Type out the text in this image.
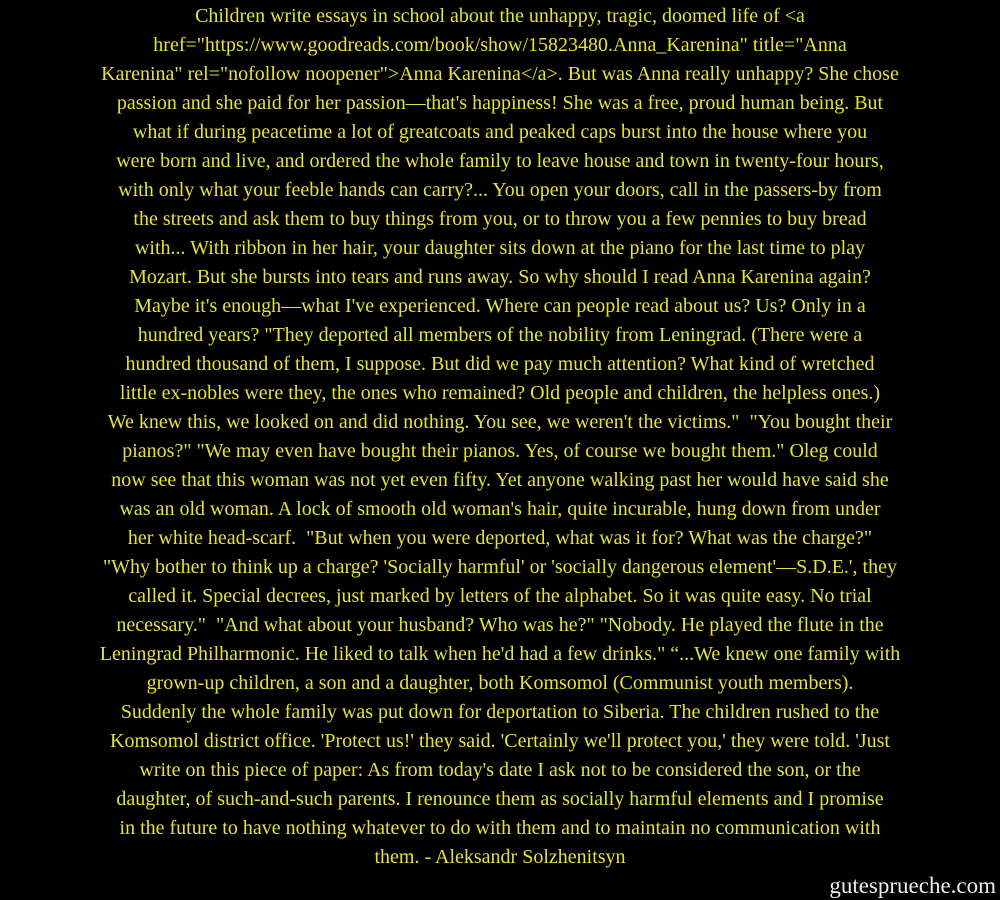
Children write essays in school about the unhappy, tragic, doomed life of <a
href="https://www.goodreads.com/book/show/15823480.Anna_Karenina" title="Anna
Karenina" rel="nofollow noopener">Anna Karenina</a>. But was Anna really unhappy? She chose
passion and she paid for her passion—that's happiness! She was a free, proud human being. But
what if during peacetime a lot of greatcoats and peaked caps burst into the house where you
were born and live, and ordered the whole family to leave house and town in twenty-four hours,
with only what your feeble hands can carry?... You open your doors, call in the passers-by from
the streets and ask them to buy things from you, or to throw you a few pennies to buy bread
with... With ribbon in her hair, your daughter sits down at the piano for the last time to play
Mozart. But she bursts into tears and runs away. So why should I read Anna Karenina again?
Maybe it's enough—what I've experienced. Where can people read about us? Us? Only in a
hundred years? "They deported all members of the nobility from Leningrad. (There were a
hundred thousand of them, I suppose. But did we pay much attention? What kind of wretched
little ex-nobles were they, the ones who remained? Old people and children, the helpless ones.)
We knew this, we looked on and did nothing. You see, we weren't the victims."  "You bought their
pianos?" "We may even have bought their pianos. Yes, of course we bought them." Oleg could
now see that this woman was not yet even fifty. Yet anyone walking past her would have said she
was an old woman. A lock of smooth old woman's hair, quite incurable, hung down from under
her white head-scarf.  "But when you were deported, what was it for? What was the charge?"
"Why bother to think up a charge? 'Socially harmful' or 'socially dangerous element'—S.D.E.', they
called it. Special decrees, just marked by letters of the alphabet. So it was quite easy. No trial
necessary."  "And what about your husband? Who was he?" "Nobody. He played the flute in the
Leningrad Philharmonic. He liked to talk when he'd had a few drinks." “...We knew one family with
grown-up children, a son and a daughter, both Komsomol (Communist youth members).
Suddenly the whole family was put down for deportation to Siberia. The children rushed to the
Komsomol district office. 'Protect us!' they said. 'Certainly we'll protect you,' they were told. 'Just
write on this piece of paper: As from today's date I ask not to be considered the son, or the
daughter, of such-and-such parents. I renounce them as socially harmful elements and I promise
in the future to have nothing whatever to do with them and to maintain no communication with
them. - Aleksandr Solzhenitsyn
gutesprueche.com
